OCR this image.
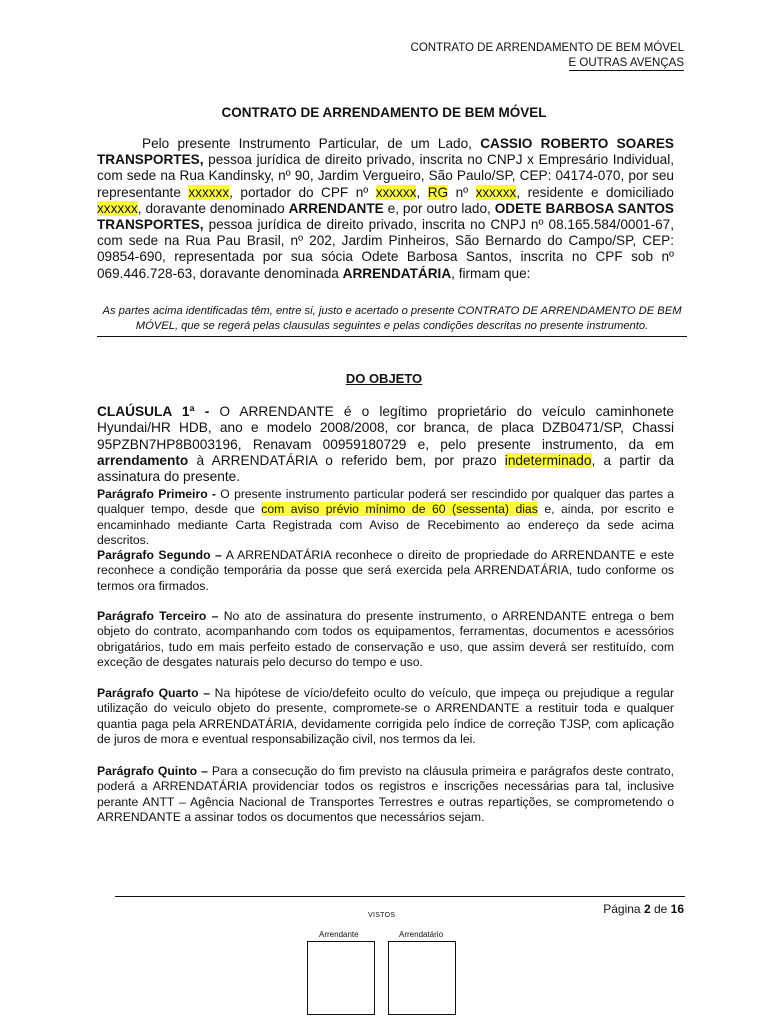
CONTRATO DE ARRENDAMENTO DE BEM MÓVEL
E OUTRAS AVENÇAS
CONTRATO DE ARRENDAMENTO DE BEM MÓVEL
Pelo presente Instrumento Particular, de um Lado, CASSIO ROBERTO SOARES TRANSPORTES, pessoa jurídica de direito privado, inscrita no CNPJ x Empresário Individual, com sede na Rua Kandinsky, nº 90, Jardim Vergueiro, São Paulo/SP, CEP: 04174-070, por seu representante xxxxxx, portador do CPF nº xxxxxx, RG nº xxxxxx, residente e domiciliado xxxxxx, doravante denominado ARRENDANTE e, por outro lado, ODETE BARBOSA SANTOS TRANSPORTES, pessoa jurídica de direito privado, inscrita no CNPJ nº 08.165.584/0001-67, com sede na Rua Pau Brasil, nº 202, Jardim Pinheiros, São Bernardo do Campo/SP, CEP: 09854-690, representada por sua sócia Odete Barbosa Santos, inscrita no CPF sob nº 069.446.728-63, doravante denominada ARRENDATÁRIA, firmam que:
As partes acima identificadas têm, entre si, justo e acertado o presente CONTRATO DE ARRENDAMENTO DE BEM MÓVEL, que se regerá pelas clausulas seguintes e pelas condições descritas no presente instrumento.
DO OBJETO
CLAÚSULA 1ª - O ARRENDANTE é o legítimo proprietário do veículo caminhonete Hyundai/HR HDB, ano e modelo 2008/2008, cor branca, de placa DZB0471/SP, Chassi 95PZBN7HP8B003196, Renavam 00959180729 e, pelo presente instrumento, da em arrendamento à ARRENDATÁRIA o referido bem, por prazo indeterminado, a partir da assinatura do presente.
Parágrafo Primeiro - O presente instrumento particular poderá ser rescindido por qualquer das partes a qualquer tempo, desde que com aviso prévio mínimo de 60 (sessenta) dias e, ainda, por escrito e encaminhado mediante Carta Registrada com Aviso de Recebimento ao endereço da sede acima descritos.
Parágrafo Segundo – A ARRENDATÁRIA reconhece o direito de propriedade do ARRENDANTE e este reconhece a condição temporária da posse que será exercida pela ARRENDATÁRIA, tudo conforme os termos ora firmados.
Parágrafo Terceiro – No ato de assinatura do presente instrumento, o ARRENDANTE entrega o bem objeto do contrato, acompanhando com todos os equipamentos, ferramentas, documentos e acessórios obrigatários, tudo em mais perfeito estado de conservação e uso, que assim deverá ser restituído, com exceção de desgates naturais pelo decurso do tempo e uso.
Parágrafo Quarto – Na hipótese de vício/defeito oculto do veículo, que impeça ou prejudique a regular utilização do veiculo objeto do presente, compromete-se o ARRENDANTE a restituir toda e qualquer quantia paga pela ARRENDATÁRIA, devidamente corrigida pelo índice de correção TJSP, com aplicação de juros de mora e eventual responsabilização civil, nos termos da lei.
Parágrafo Quinto – Para a consecução do fim previsto na cláusula primeira e parágrafos deste contrato, poderá a ARRENDATÁRIA providenciar todos os registros e inscrições necessárias para tal, inclusive perante ANTT – Agência Nacional de Transportes Terrestres e outras repartições, se comprometendo o ARRENDANTE a assinar todos os documentos que necessários sejam.
Página 2 de 16
VISTOS
Arrendante	Arrendatário
